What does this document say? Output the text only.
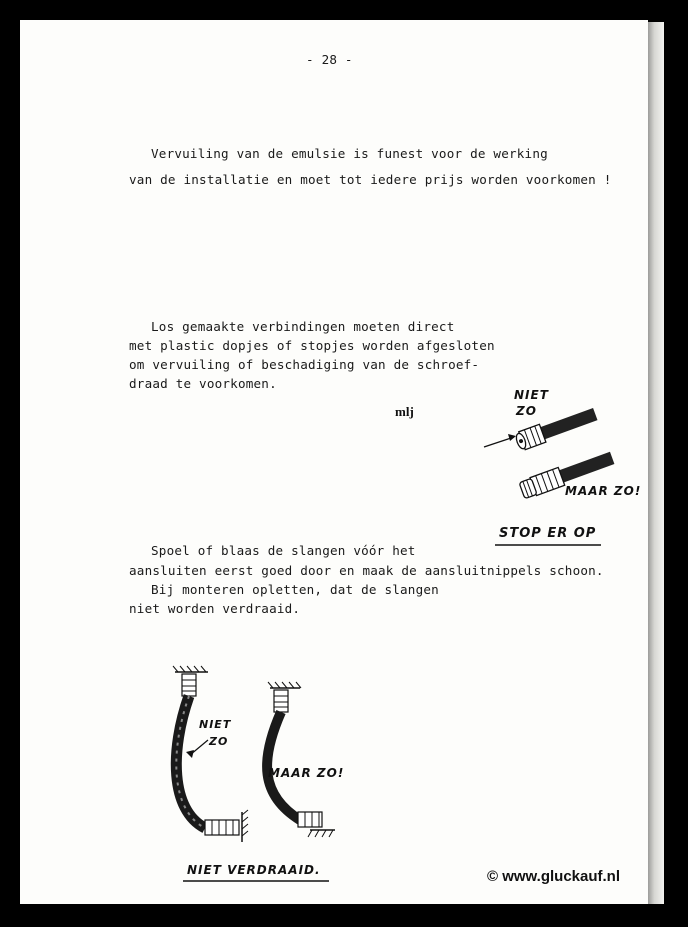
- 28 -
Vervuiling van de emulsie is funest voor de werking
van de installatie en moet tot iedere prijs worden voorkomen !
Los gemaakte verbindingen moeten direct
met plastic dopjes of stopjes worden afgesloten
om vervuiling of beschadiging van de schroef-
draad te voorkomen.
mlj
NIET
ZO
MAAR ZO!
STOP ER OP
Spoel of blaas de slangen vóór het
aansluiten eerst goed door en maak de aansluitnippels schoon.
Bij monteren opletten, dat de slangen
niet worden verdraaid.
NIET
ZO
MAAR ZO!
NIET VERDRAAID.	© www.gluckauf.nl
